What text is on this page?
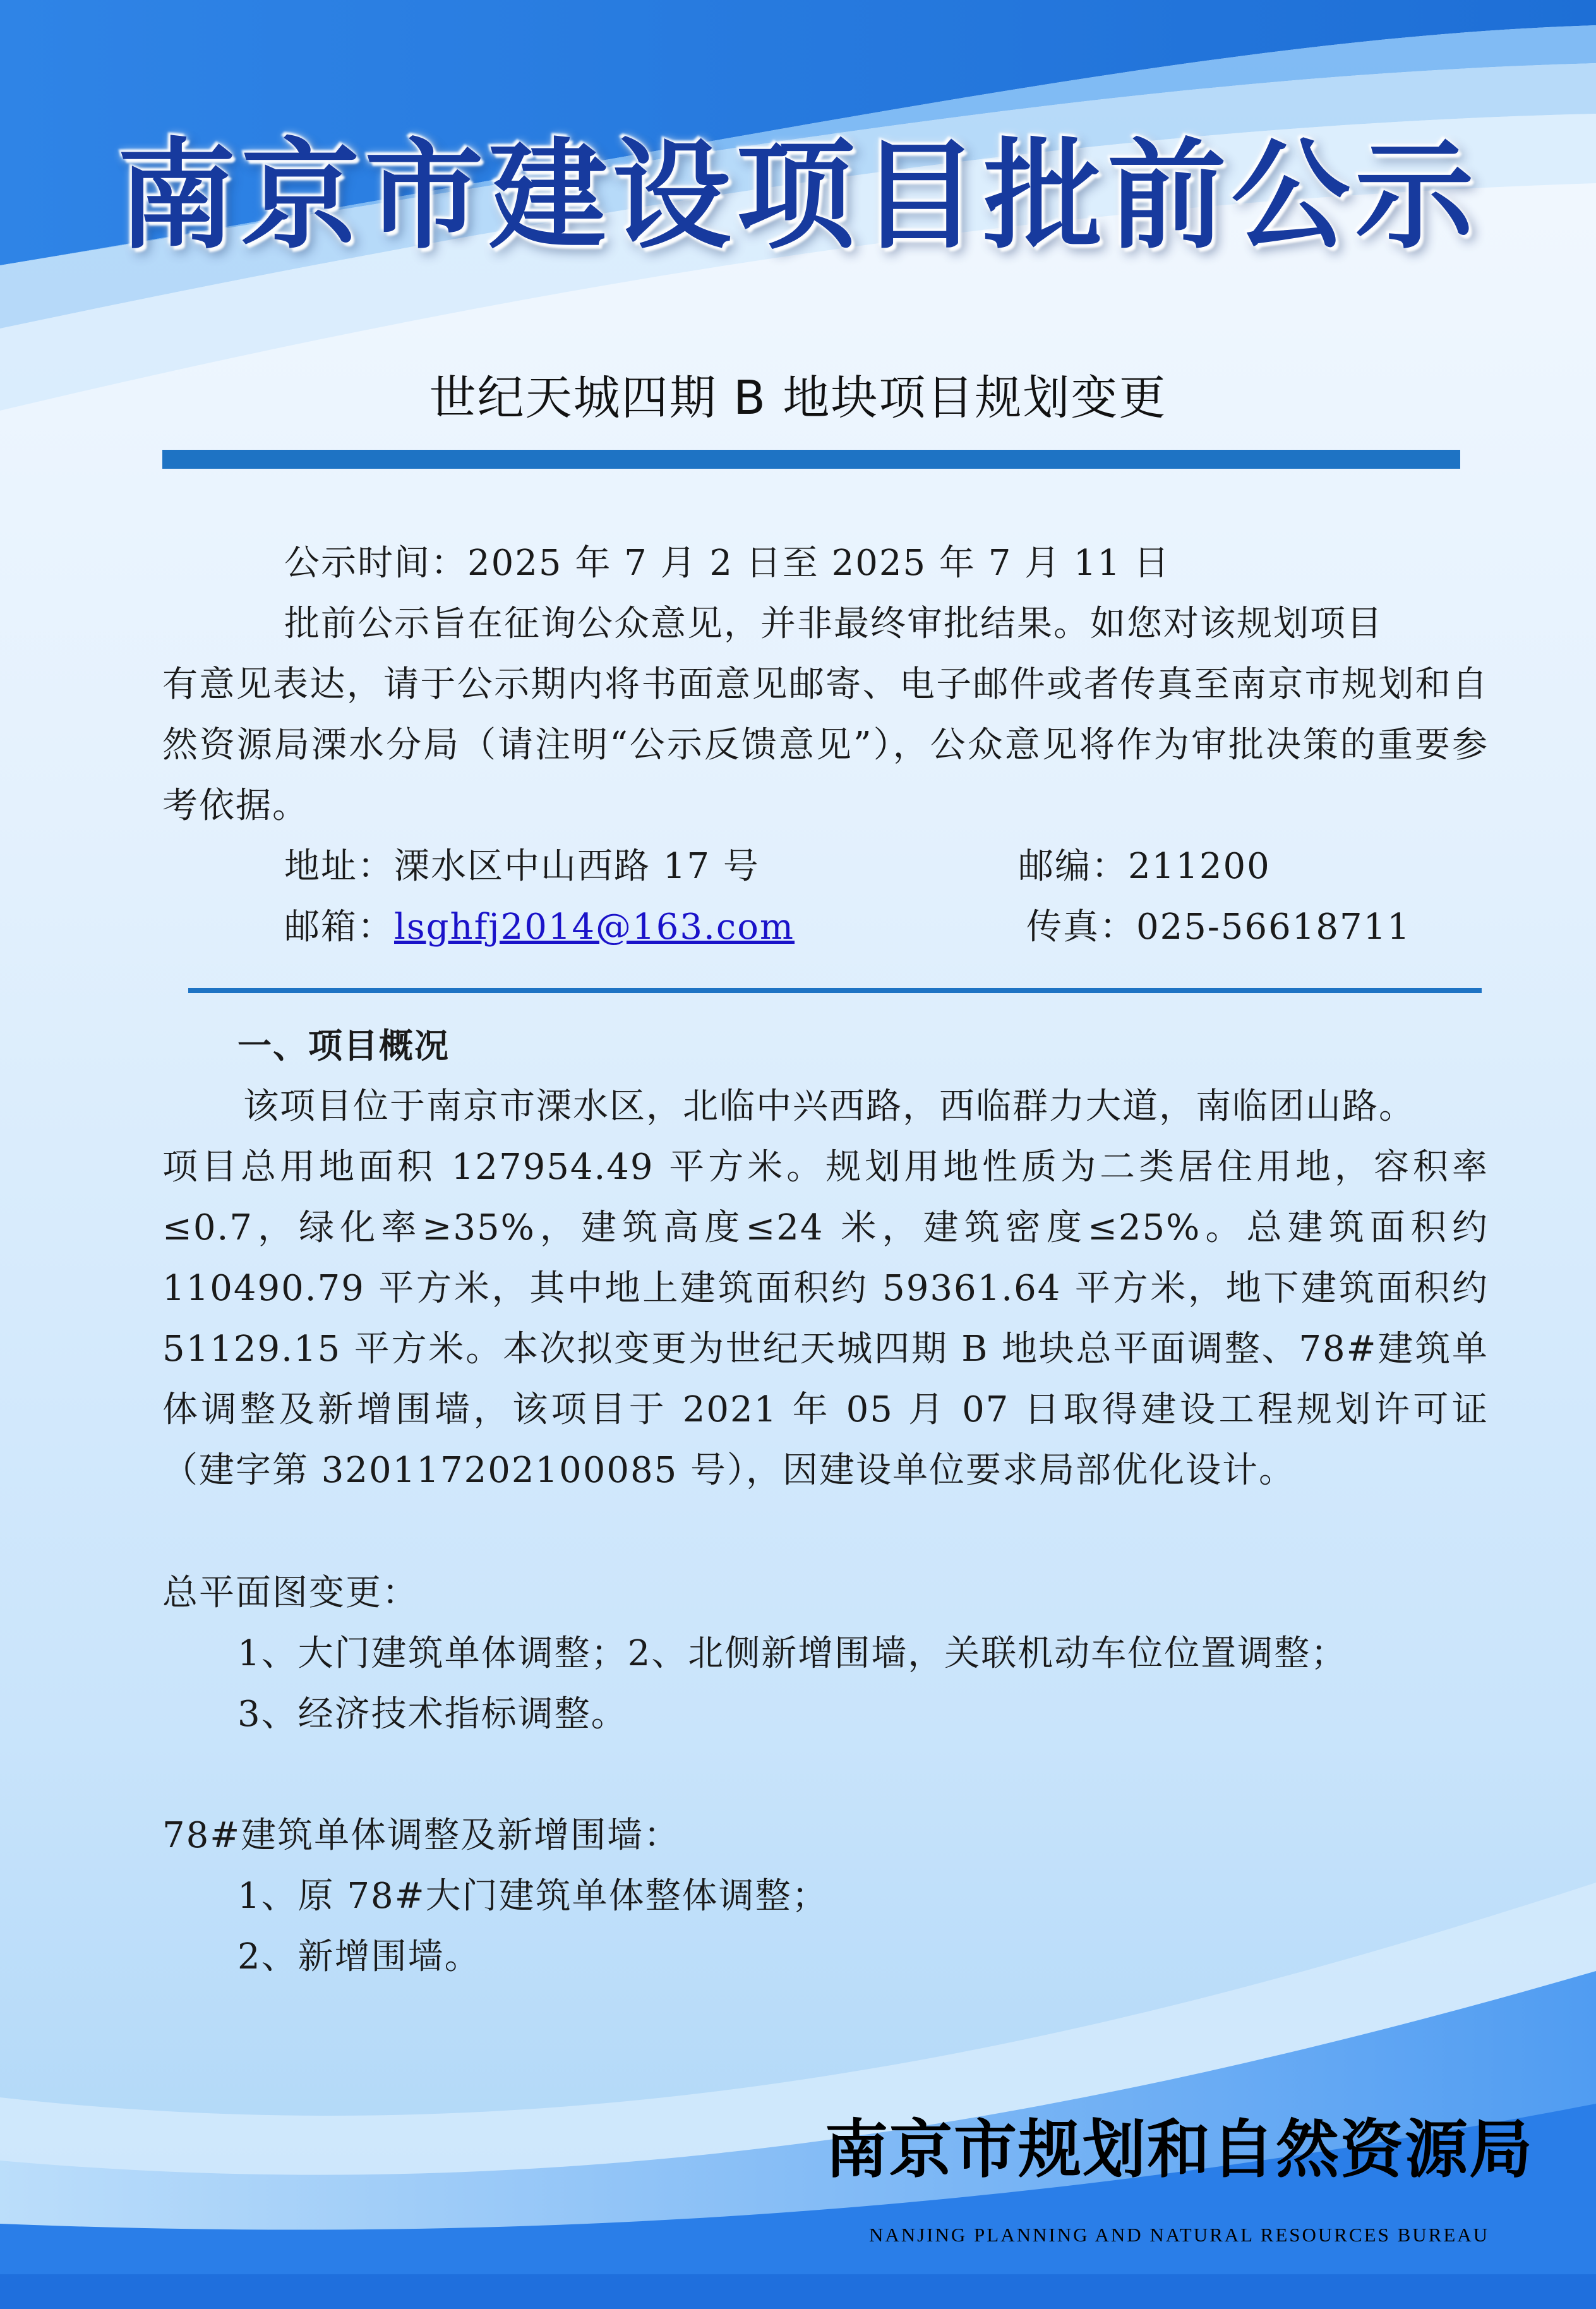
南京市建设项目批前公示
世纪天城四期 B 地块项目规划变更
公示时间：2025 年 7 月 2 日至 2025 年 7 月 11 日
批前公示旨在征询公众意见，并非最终审批结果。如您对该规划项目

有意见表达，请于公示期内将书面意见邮寄、电子邮件或者传真至南京市规划和自然资源局溧水分局（请注明“公示反馈意见”），公众意见将作为审批决策的重要参考依据。

地址：溧水区中山西路 17 号	邮编：211200
邮箱：lsghfj2014@163.com	传真：025-56618711
一、项目概况
该项目位于南京市溧水区，北临中兴西路，西临群力大道，南临团山路。

项目总用地面积 127954.49 平方米。规划用地性质为二类居住用地，容积率≤0.7，绿化率≥35%，建筑高度≤24 米，建筑密度≤25%。总建筑面积约 110490.79 平方米，其中地上建筑面积约 59361.64 平方米，地下建筑面积约 51129.15 平方米。本次拟变更为世纪天城四期 B 地块总平面调整、78#建筑单体调整及新增围墙，该项目于 2021 年 05 月 07 日取得建设工程规划许可证（建字第 320117202100085 号），因建设单位要求局部优化设计。

总平面图变更：
1、大门建筑单体调整；2、北侧新增围墙，关联机动车位位置调整；
3、经济技术指标调整。
78#建筑单体调整及新增围墙：
1、原 78#大门建筑单体整体调整；
2、新增围墙。
南京市规划和自然资源局
NANJING PLANNING AND NATURAL RESOURCES BUREAU
